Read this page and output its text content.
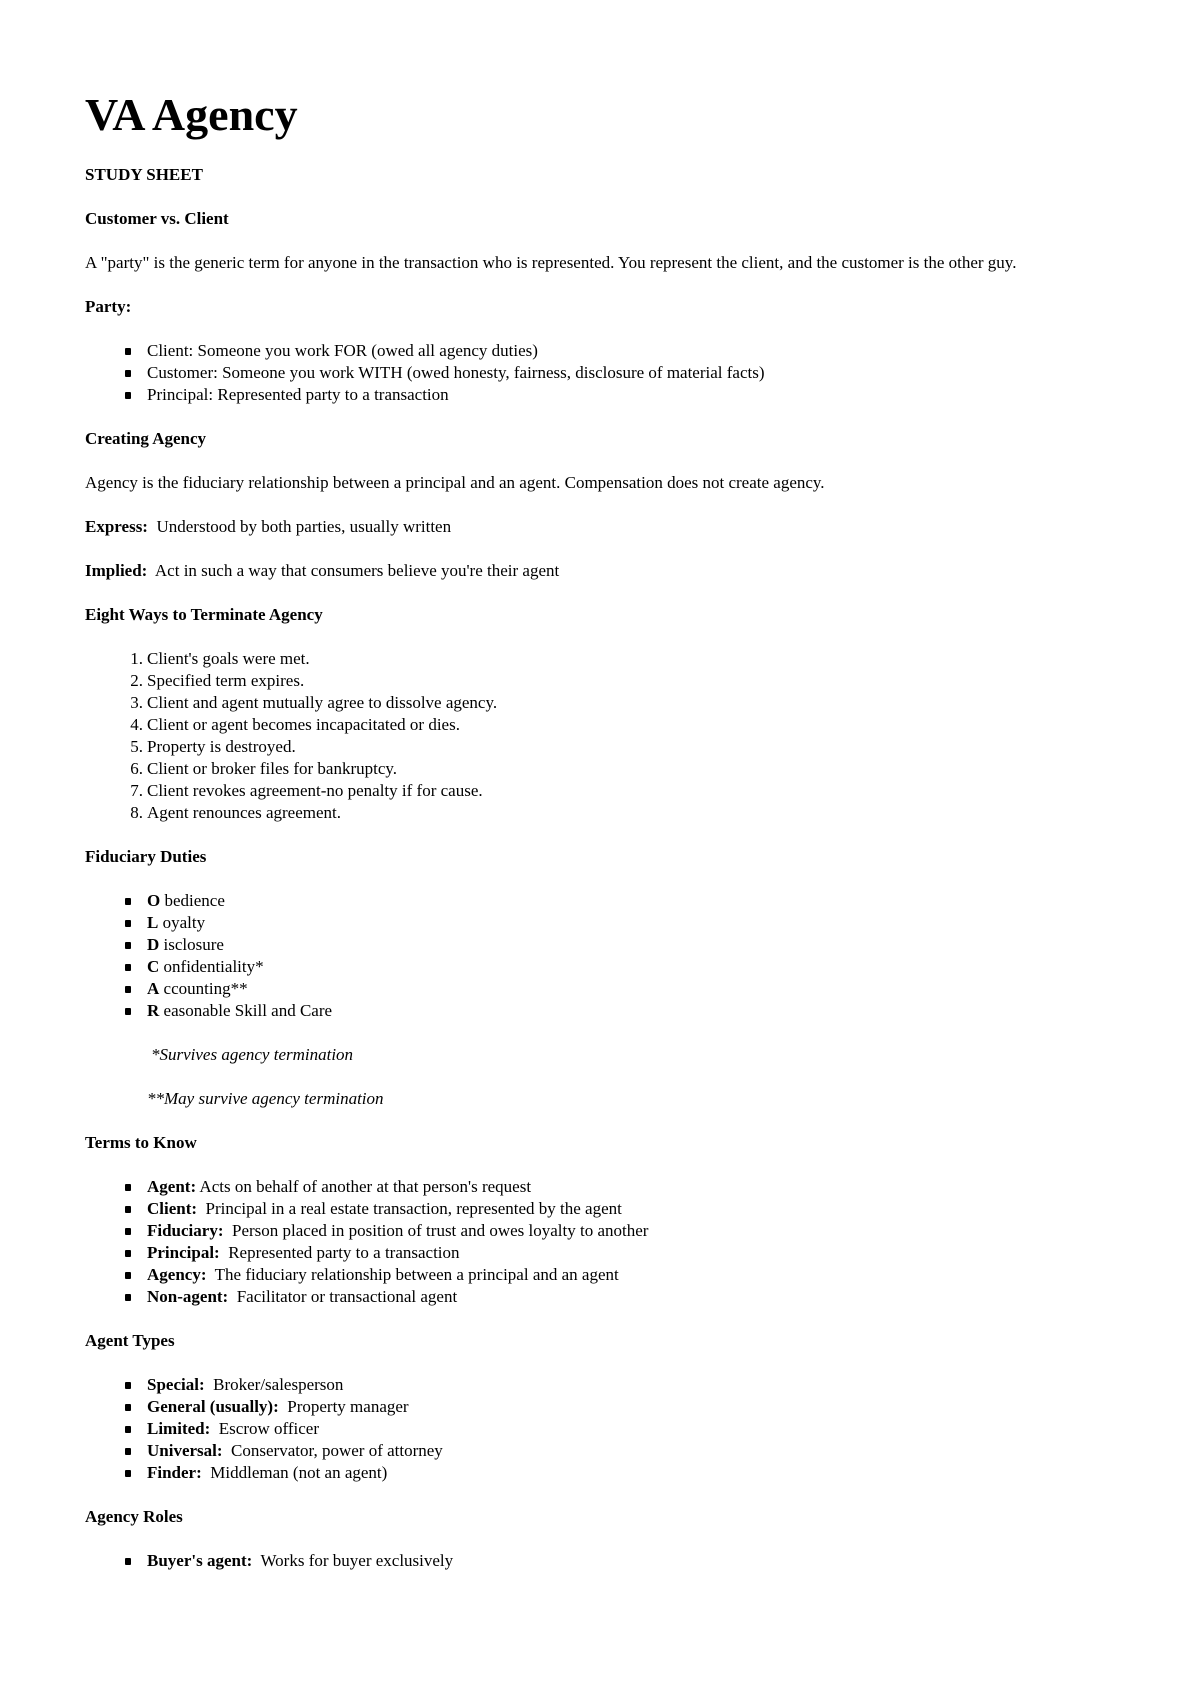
VA Agency

STUDY SHEET

Customer vs. Client

A "party" is the generic term for anyone in the transaction who is represented. You represent the client, and the customer is the other guy.

Party:

Client: Someone you work FOR (owed all agency duties)
Customer: Someone you work WITH (owed honesty, fairness, disclosure of material facts)
Principal: Represented party to a transaction

Creating Agency

Agency is the fiduciary relationship between a principal and an agent. Compensation does not create agency.

Express: Understood by both parties, usually written

Implied: Act in such a way that consumers believe you're their agent

Eight Ways to Terminate Agency

1. Client's goals were met.
2. Specified term expires.
3. Client and agent mutually agree to dissolve agency.
4. Client or agent becomes incapacitated or dies.
5. Property is destroyed.
6. Client or broker files for bankruptcy.
7. Client revokes agreement-no penalty if for cause.
8. Agent renounces agreement.

Fiduciary Duties

O bedience
L oyalty
D isclosure
C onfidentiality*
A ccounting**
R easonable Skill and Care

*Survives agency termination

**May survive agency termination

Terms to Know

Agent: Acts on behalf of another at that person's request
Client:  Principal in a real estate transaction, represented by the agent
Fiduciary:  Person placed in position of trust and owes loyalty to another
Principal:  Represented party to a transaction
Agency:  The fiduciary relationship between a principal and an agent
Non-agent:  Facilitator or transactional agent

Agent Types

Special:  Broker/salesperson
General (usually):  Property manager
Limited:  Escrow officer
Universal:  Conservator, power of attorney
Finder:  Middleman (not an agent)

Agency Roles

Buyer's agent:  Works for buyer exclusively
